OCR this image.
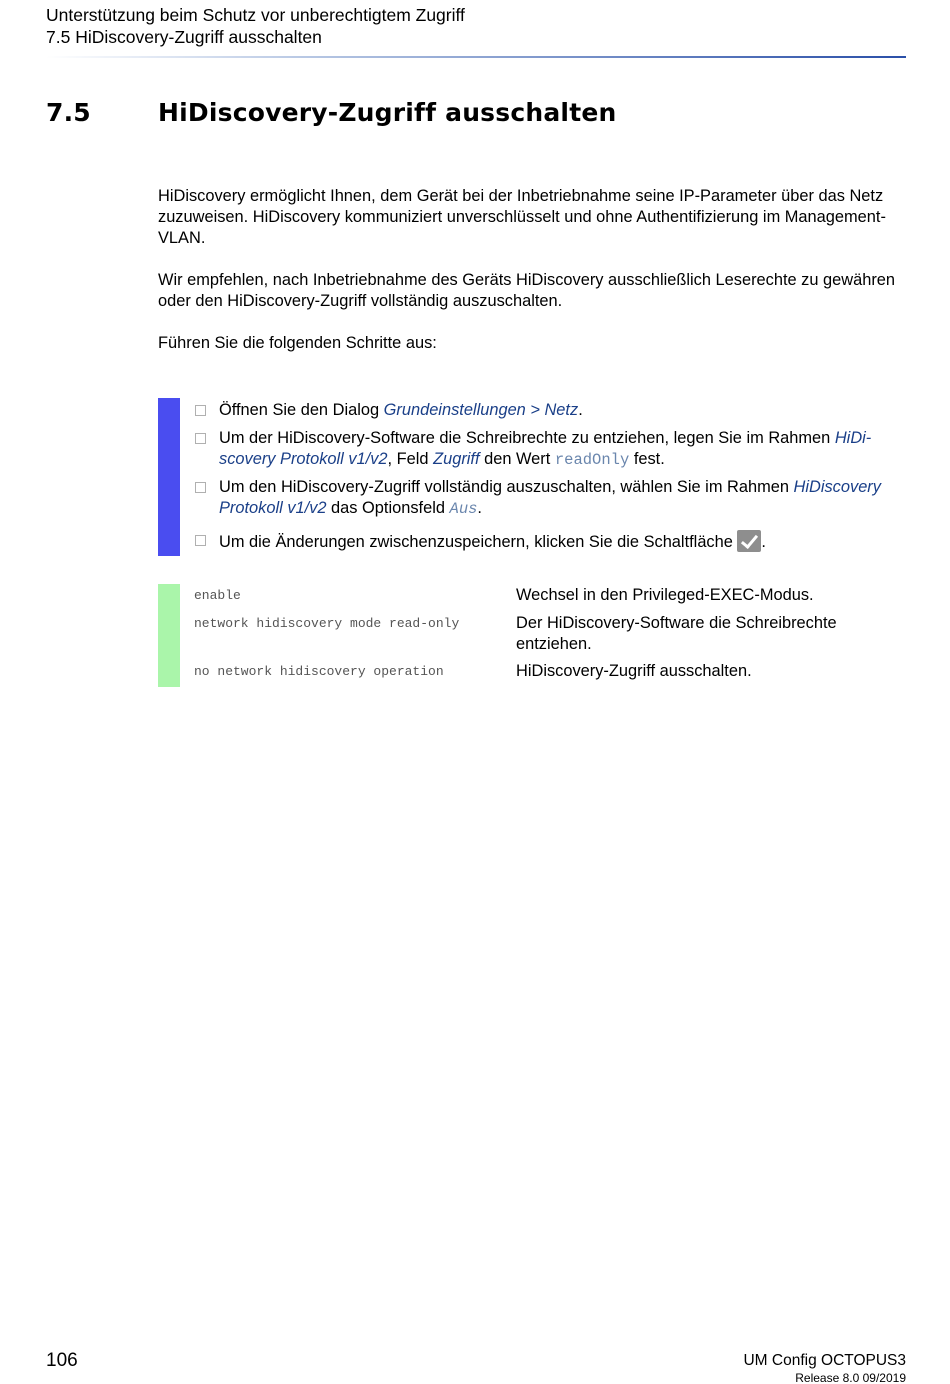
Unterstützung beim Schutz vor unberechtigtem Zugriff
7.5 HiDiscovery-Zugriff ausschalten
7.5	HiDiscovery-Zugriff ausschalten

HiDiscovery ermöglicht Ihnen, dem Gerät bei der Inbetriebnahme seine IP-Parameter über das Netz zuzuweisen. HiDiscovery kommuniziert unverschlüsselt und ohne Authentifizierung im Management-VLAN.

Wir empfehlen, nach Inbetriebnahme des Geräts HiDiscovery ausschließlich Leserechte zu gewähren oder den HiDiscovery-Zugriff vollständig auszuschalten.

Führen Sie die folgenden Schritte aus:

Öffnen Sie den Dialog Grundeinstellungen > Netz.
Um der HiDiscovery-Software die Schreibrechte zu entziehen, legen Sie im Rahmen HiDi-scovery Protokoll v1/v2, Feld Zugriff den Wert readOnly fest.
Um den HiDiscovery-Zugriff vollständig auszuschalten, wählen Sie im Rahmen HiDiscovery Protokoll v1/v2 das Optionsfeld Aus.
Um die Änderungen zwischenzuspeichern, klicken Sie die Schaltfläche .
enable	Wechsel in den Privileged-EXEC-Modus.
network hidiscovery mode read-only	Der HiDiscovery-Software die Schreibrechte entziehen.
no network hidiscovery operation	HiDiscovery-Zugriff ausschalten.
106	UM Config OCTOPUS3
Release 8.0 09/2019
